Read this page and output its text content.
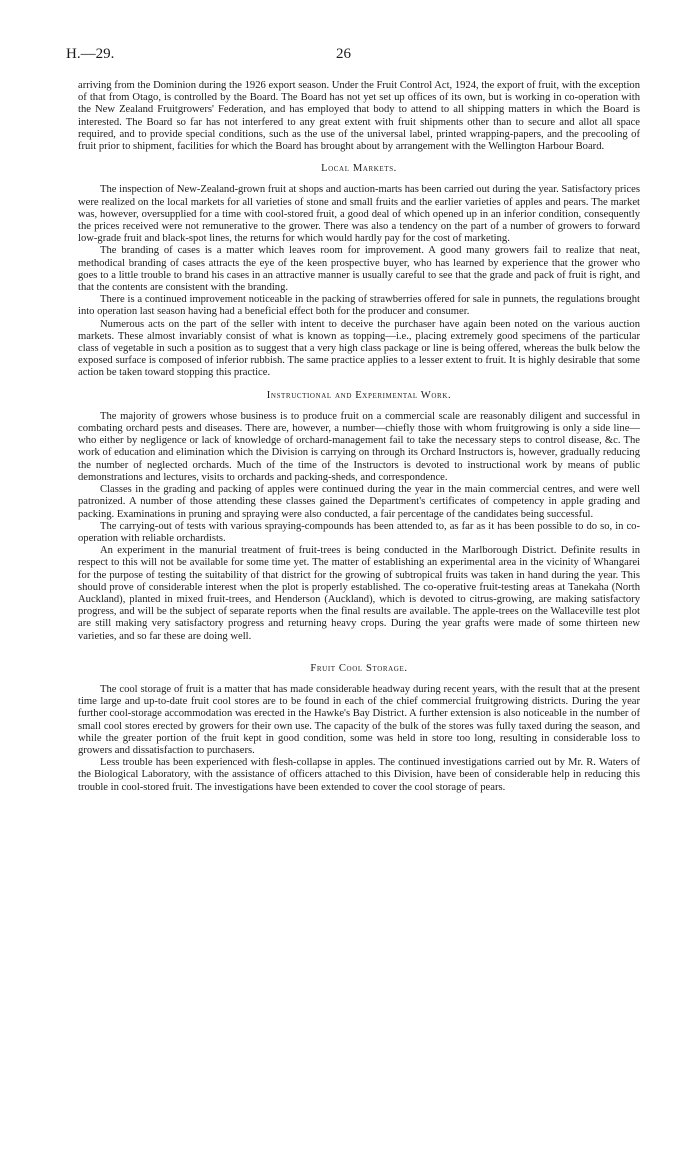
H.—29.	26

arriving from the Dominion during the 1926 export season. Under the Fruit Control Act, 1924, the export of fruit, with the exception of that from Otago, is controlled by the Board. The Board has not yet set up offices of its own, but is working in co-operation with the New Zealand Fruitgrowers' Federation, and has employed that body to attend to all shipping matters in which the Board is interested. The Board so far has not interfered to any great extent with fruit shipments other than to secure and allot all space required, and to provide special conditions, such as the use of the universal label, printed wrapping-papers, and the precooling of fruit prior to shipment, facilities for which the Board has brought about by arrangement with the Wellington Harbour Board.

Local Markets.

The inspection of New-Zealand-grown fruit at shops and auction-marts has been carried out during the year. Satisfactory prices were realized on the local markets for all varieties of stone and small fruits and the earlier varieties of apples and pears. The market was, however, oversupplied for a time with cool-stored fruit, a good deal of which opened up in an inferior condition, consequently the prices received were not remunerative to the grower. There was also a tendency on the part of a number of growers to forward low-grade fruit and black-spot lines, the returns for which would hardly pay for the cost of marketing.

The branding of cases is a matter which leaves room for improvement. A good many growers fail to realize that neat, methodical branding of cases attracts the eye of the keen prospective buyer, who has learned by experience that the grower who goes to a little trouble to brand his cases in an attractive manner is usually careful to see that the grade and pack of fruit is right, and that the contents are consistent with the branding.

There is a continued improvement noticeable in the packing of strawberries offered for sale in punnets, the regulations brought into operation last season having had a beneficial effect both for the producer and consumer.

Numerous acts on the part of the seller with intent to deceive the purchaser have again been noted on the various auction markets. These almost invariably consist of what is known as topping—i.e., placing extremely good specimens of the particular class of vegetable in such a position as to suggest that a very high class package or line is being offered, whereas the bulk below the exposed surface is composed of inferior rubbish. The same practice applies to a lesser extent to fruit. It is highly desirable that some action be taken toward stopping this practice.

Instructional and Experimental Work.

The majority of growers whose business is to produce fruit on a commercial scale are reasonably diligent and successful in combating orchard pests and diseases. There are, however, a number—chiefly those with whom fruitgrowing is only a side line—who either by negligence or lack of knowledge of orchard-management fail to take the necessary steps to control disease, &c. The work of education and elimination which the Division is carrying on through its Orchard Instructors is, however, gradually reducing the number of neglected orchards. Much of the time of the Instructors is devoted to instructional work by means of public demonstrations and lectures, visits to orchards and packing-sheds, and correspondence.

Classes in the grading and packing of apples were continued during the year in the main commercial centres, and were well patronized. A number of those attending these classes gained the Department's certificates of competency in apple grading and packing. Examinations in pruning and spraying were also conducted, a fair percentage of the candidates being successful.

The carrying-out of tests with various spraying-compounds has been attended to, as far as it has been possible to do so, in co-operation with reliable orchardists.

An experiment in the manurial treatment of fruit-trees is being conducted in the Marlborough District. Definite results in respect to this will not be available for some time yet. The matter of establishing an experimental area in the vicinity of Whangarei for the purpose of testing the suitability of that district for the growing of subtropical fruits was taken in hand during the year. This should prove of considerable interest when the plot is properly established. The co-operative fruit-testing areas at Tanekaha (North Auckland), planted in mixed fruit-trees, and Henderson (Auckland), which is devoted to citrus-growing, are making satisfactory progress, and will be the subject of separate reports when the final results are available. The apple-trees on the Wallaceville test plot are still making very satisfactory progress and returning heavy crops. During the year grafts were made of some thirteen new varieties, and so far these are doing well.

Fruit Cool Storage.

The cool storage of fruit is a matter that has made considerable headway during recent years, with the result that at the present time large and up-to-date fruit cool stores are to be found in each of the chief commercial fruitgrowing districts. During the year further cool-storage accommodation was erected in the Hawke's Bay District. A further extension is also noticeable in the number of small cool stores erected by growers for their own use. The capacity of the bulk of the stores was fully taxed during the season, and while the greater portion of the fruit kept in good condition, some was held in store too long, resulting in considerable loss to growers and dissatisfaction to purchasers.

Less trouble has been experienced with flesh-collapse in apples. The continued investigations carried out by Mr. R. Waters of the Biological Laboratory, with the assistance of officers attached to this Division, have been of considerable help in reducing this trouble in cool-stored fruit. The investigations have been extended to cover the cool storage of pears.
